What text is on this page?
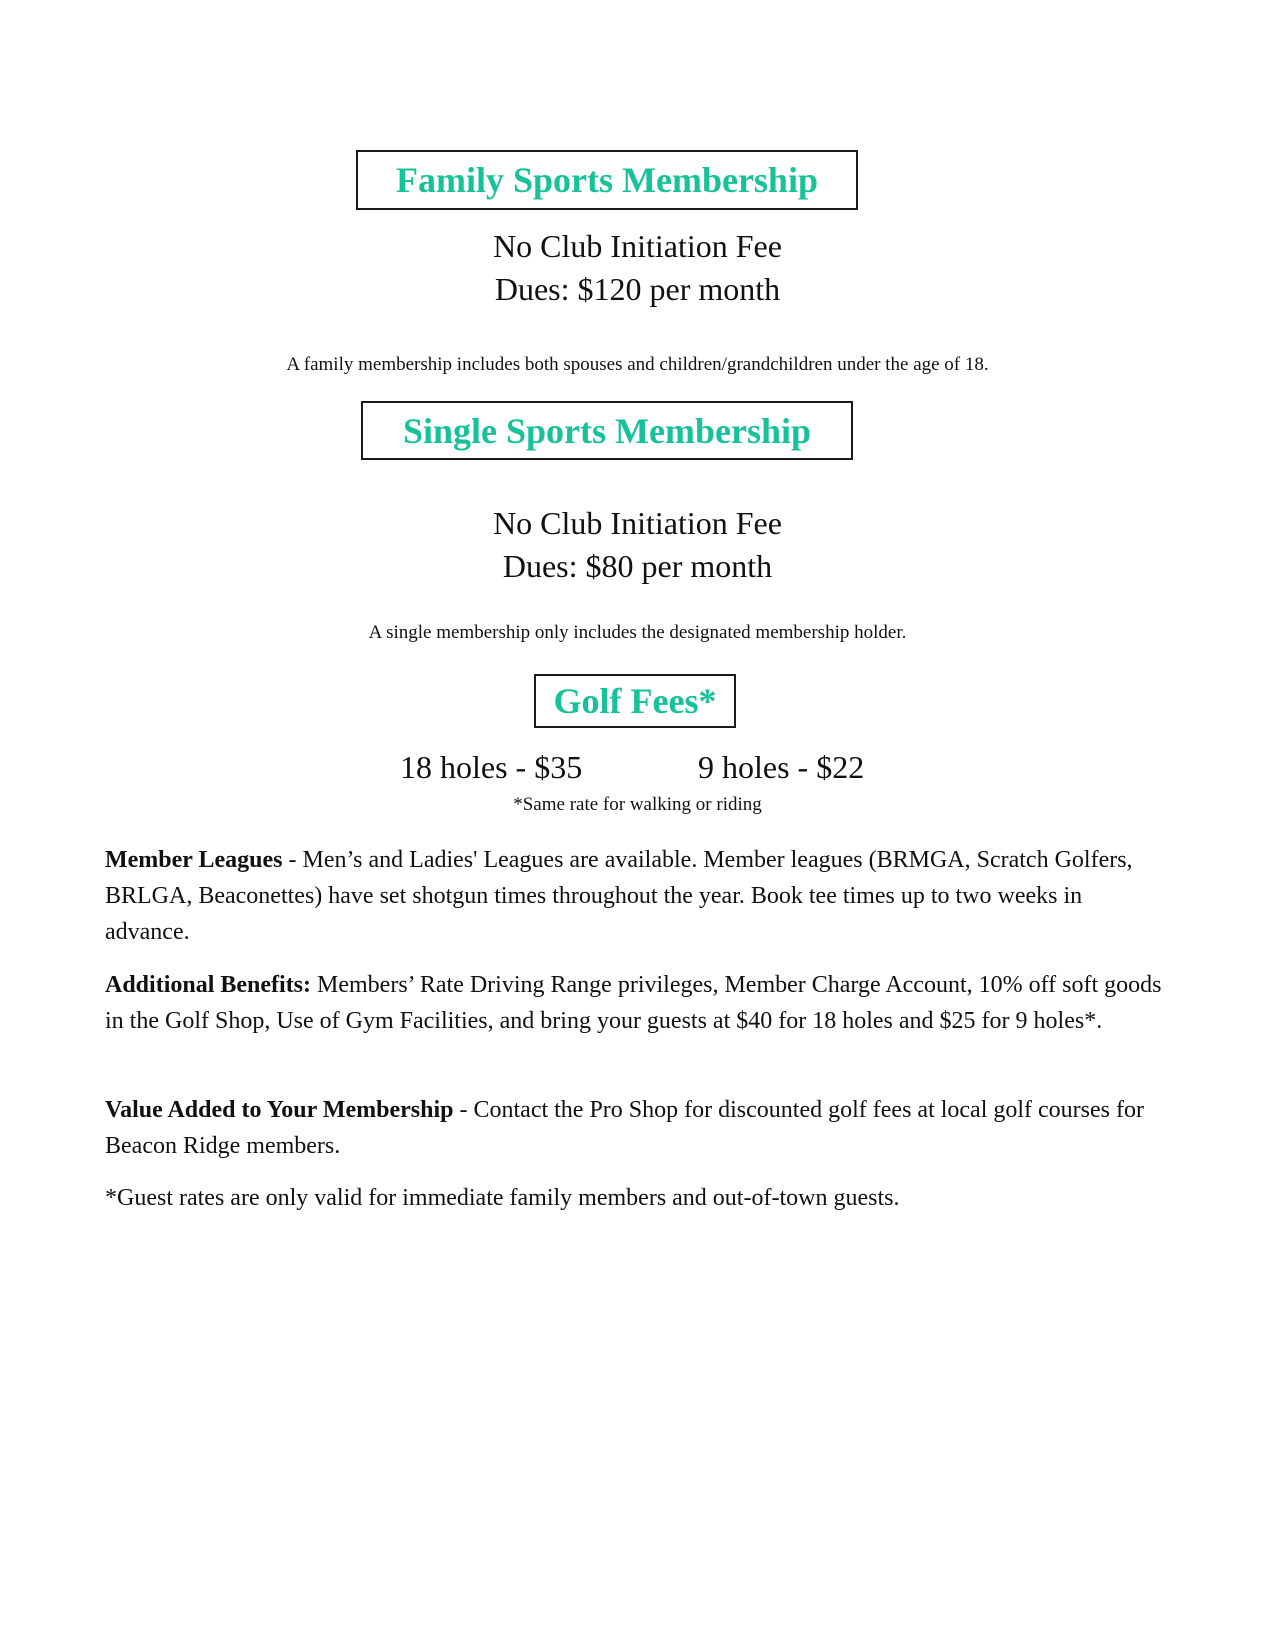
Family Sports Membership
No Club Initiation Fee
Dues: $120 per month
A family membership includes both spouses and children/grandchildren under the age of 18.
Single Sports Membership
No Club Initiation Fee
Dues: $80 per month
A single membership only includes the designated membership holder.
Golf Fees*
18 holes - $35	9 holes - $22
*Same rate for walking or riding

Member Leagues - Men’s and Ladies' Leagues are available. Member leagues (BRMGA, Scratch Golfers, BRLGA, Beaconettes) have set shotgun times throughout the year. Book tee times up to two weeks in advance.

Additional Benefits: Members’ Rate Driving Range privileges, Member Charge Account, 10% off soft goods in the Golf Shop, Use of Gym Facilities, and bring your guests at $40 for 18 holes and $25 for 9 holes*.

Value Added to Your Membership - Contact the Pro Shop for discounted golf fees at local golf courses for Beacon Ridge members.

*Guest rates are only valid for immediate family members and out-of-town guests.
